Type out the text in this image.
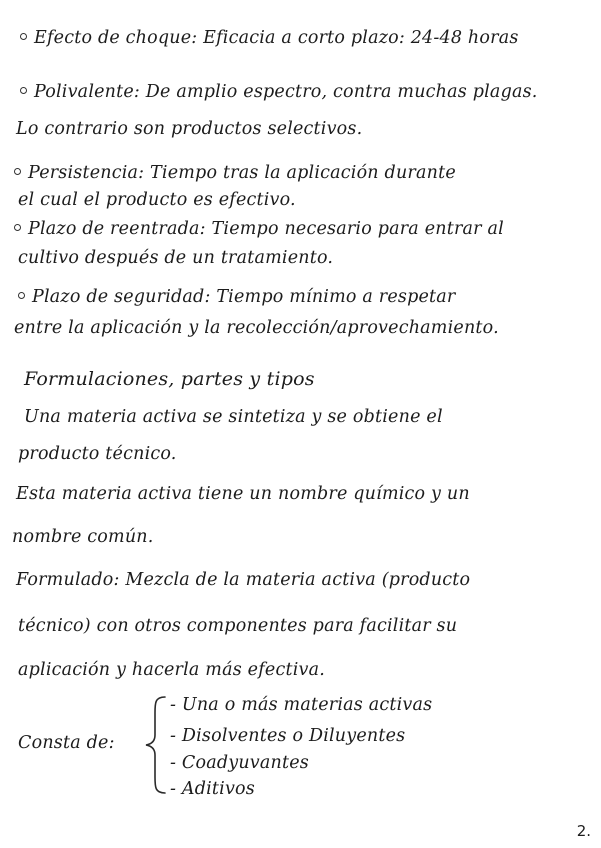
Efecto de choque: Eficacia a corto plazo: 24-48 horas
Polivalente: De amplio espectro, contra muchas plagas.
Lo contrario son productos selectivos.
Persistencia: Tiempo tras la aplicación durante
el cual el producto es efectivo.
Plazo de reentrada: Tiempo necesario para entrar al
cultivo después de un tratamiento.
Plazo de seguridad: Tiempo mínimo a respetar
entre la aplicación y la recolección/aprovechamiento.
Formulaciones, partes y tipos
Una materia activa se sintetiza y se obtiene el
producto técnico.
Esta materia activa tiene un nombre químico y un
nombre común.
Formulado: Mezcla de la materia activa (producto
técnico) con otros componentes para facilitar su
aplicación y hacerla más efectiva.
Consta de:
- Una o más materias activas
- Disolventes o Diluyentes
- Coadyuvantes
- Aditivos
2.
